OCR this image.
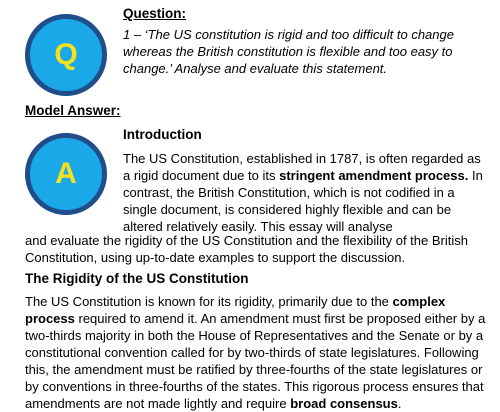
Q
Question:
1 – ‘The US constitution is rigid and too difficult to change whereas the British constitution is flexible and too easy to change.’ Analyse and evaluate this statement.
Model Answer:
A
Introduction
The US Constitution, established in 1787, is often regarded as a rigid document due to its stringent amendment process. In contrast, the British Constitution, which is not codified in a single document, is considered highly flexible and can be altered relatively easily. This essay will analyse
and evaluate the rigidity of the US Constitution and the flexibility of the British Constitution, using up-to-date examples to support the discussion.
The Rigidity of the US Constitution
The US Constitution is known for its rigidity, primarily due to the complex process required to amend it. An amendment must first be proposed either by a two-thirds majority in both the House of Representatives and the Senate or by a constitutional convention called for by two-thirds of state legislatures. Following this, the amendment must be ratified by three-fourths of the state legislatures or by conventions in three-fourths of the states. This rigorous process ensures that amendments are not made lightly and require broad consensus.
